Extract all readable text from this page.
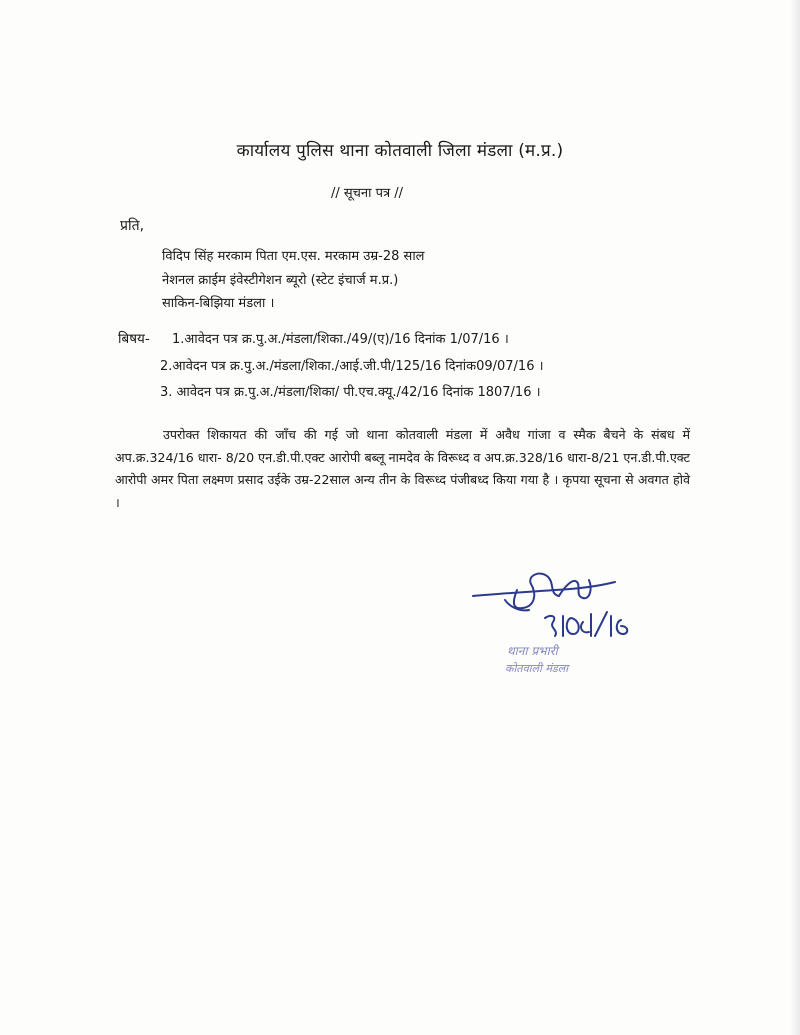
कार्यालय पुलिस थाना कोतवाली जिला मंडला (म.प्र.)
// सूचना पत्र //
प्रति,
विदिप सिंह मरकाम पिता एम.एस. मरकाम उम्र-28 साल
नेशनल क्राईम इंवेस्टीगेशन ब्यूरो (स्टेट इंचार्ज म.प्र.)
साकिन-बिझिया मंडला ।
बिषय- 1.आवेदन पत्र क्र.पु.अ./मंडला/शिका./49/(ए)/16 दिनांक 1/07/16 ।
2.आवेदन पत्र क्र.पु.अ./मंडला/शिका./आई.जी.पी/125/16 दिनांक09/07/16 ।
3. आवेदन पत्र क्र.पु.अ./मंडला/शिका/ पी.एच.क्यू./42/16 दिनांक 1807/16 ।

उपरोक्त शिकायत की जाँच की गई जो थाना कोतवाली मंडला में अवैध गांजा व स्मैक बैचने के संबध में अप.क्र.324/16 धारा- 8/20 एन.डी.पी.एक्ट आरोपी बब्लू नामदेव के विरूध्द व अप.क्र.328/16 धारा-8/21 एन.डी.पी.एक्ट आरोपी अमर पिता लक्ष्मण प्रसाद उईके उम्र-22साल अन्य तीन के विरूध्द पंजीबध्द किया गया है । कृपया सूचना से अवगत होवे ।

थाना प्रभारी
कोतवाली मंडला
